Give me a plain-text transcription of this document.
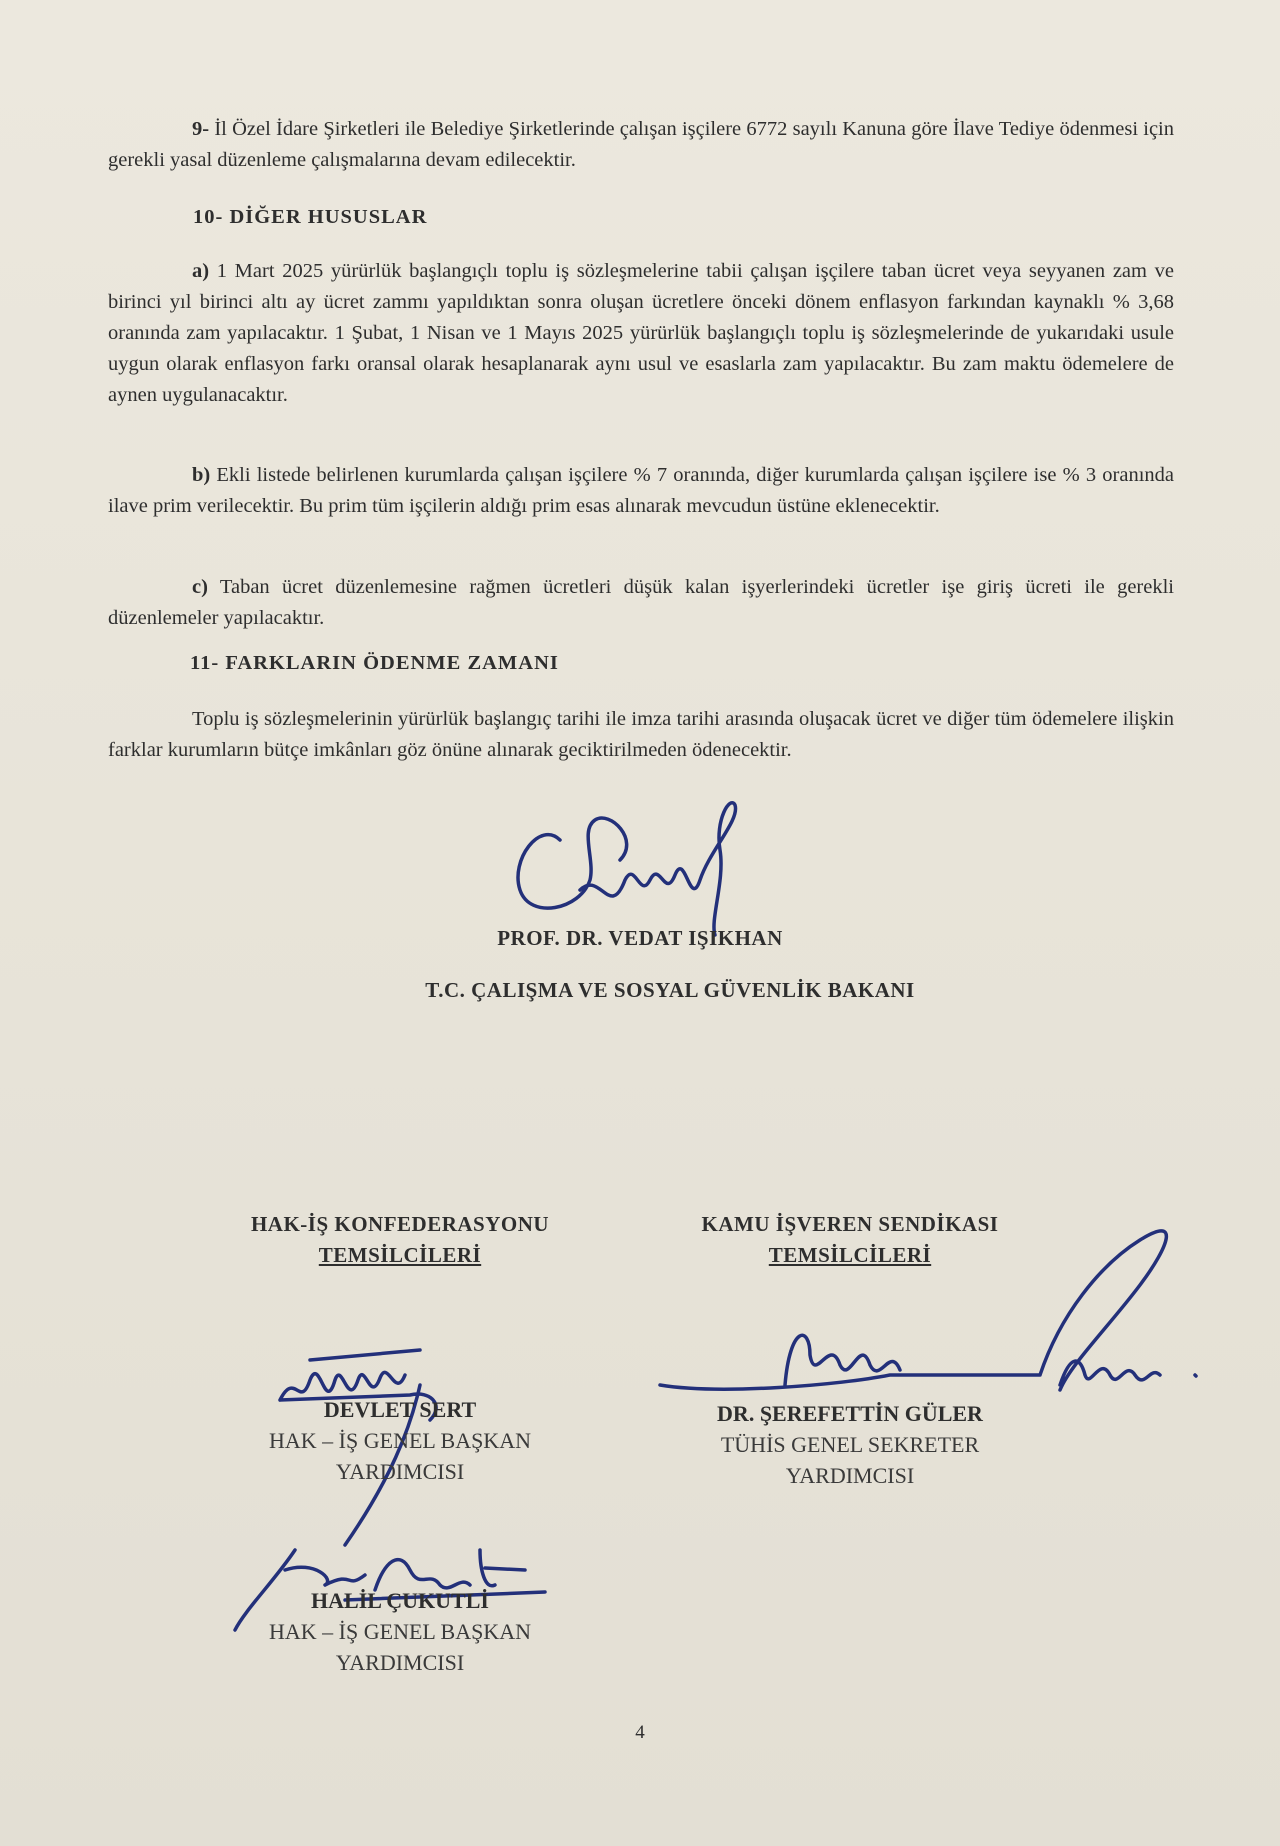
9- İl Özel İdare Şirketleri ile Belediye Şirketlerinde çalışan işçilere 6772 sayılı Kanuna göre İlave Tediye ödenmesi için gerekli yasal düzenleme çalışmalarına devam edilecektir.

10- DİĞER HUSUSLAR

a) 1 Mart 2025 yürürlük başlangıçlı toplu iş sözleşmelerine tabii çalışan işçilere taban ücret veya seyyanen zam ve birinci yıl birinci altı ay ücret zammı yapıldıktan sonra oluşan ücretlere önceki dönem enflasyon farkından kaynaklı % 3,68 oranında zam yapılacaktır. 1 Şubat, 1 Nisan ve 1 Mayıs 2025 yürürlük başlangıçlı toplu iş sözleşmelerinde de yukarıdaki usule uygun olarak enflasyon farkı oransal olarak hesaplanarak aynı usul ve esaslarla zam yapılacaktır. Bu zam maktu ödemelere de aynen uygulanacaktır.

b) Ekli listede belirlenen kurumlarda çalışan işçilere % 7 oranında, diğer kurumlarda çalışan işçilere ise % 3 oranında ilave prim verilecektir. Bu prim tüm işçilerin aldığı prim esas alınarak mevcudun üstüne eklenecektir.

c) Taban ücret düzenlemesine rağmen ücretleri düşük kalan işyerlerindeki ücretler işe giriş ücreti ile gerekli düzenlemeler yapılacaktır.

11- FARKLARIN ÖDENME ZAMANI

Toplu iş sözleşmelerinin yürürlük başlangıç tarihi ile imza tarihi arasında oluşacak ücret ve diğer tüm ödemelere ilişkin farklar kurumların bütçe imkânları göz önüne alınarak geciktirilmeden ödenecektir.

PROF. DR. VEDAT IŞIKHAN
T.C. ÇALIŞMA VE SOSYAL GÜVENLİK BAKANI
HAK-İŞ KONFEDERASYONU
TEMSİLCİLERİ
KAMU İŞVEREN SENDİKASI
TEMSİLCİLERİ
DEVLET SERT
HAK – İŞ GENEL BAŞKAN
YARDIMCISI
HALİL ÇUKUTLİ
HAK – İŞ GENEL BAŞKAN
YARDIMCISI
DR. ŞEREFETTİN GÜLER
TÜHİS GENEL SEKRETER
YARDIMCISI
4
